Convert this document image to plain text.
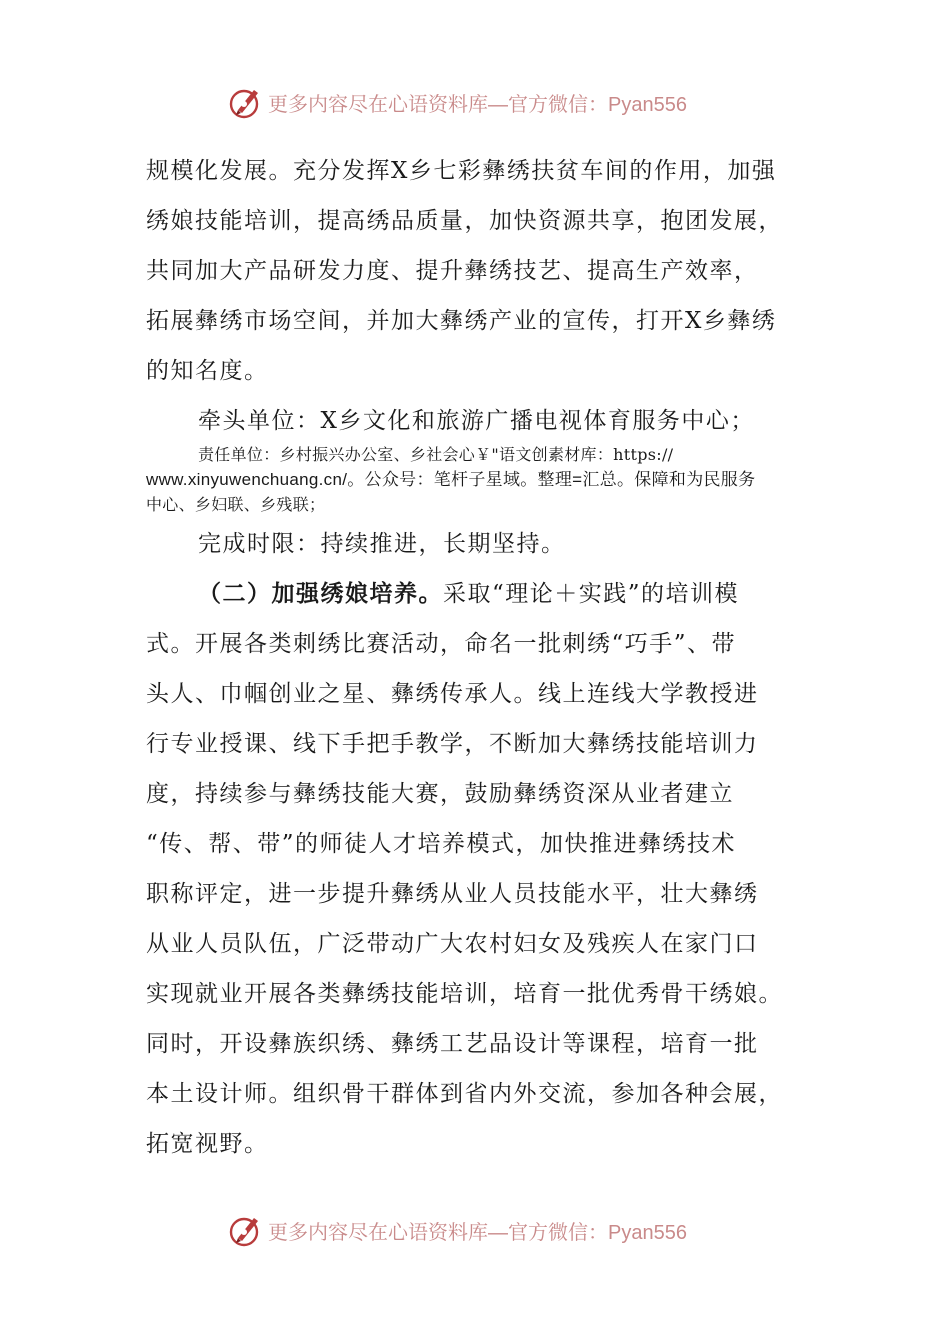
更多内容尽在心语资料库 —官方微信：Pyan556
规模化发展。充分发挥X乡七彩彝绣扶贫车间的作用，加强
绣娘技能培训，提高绣品质量，加快资源共享，抱团发展，
共同加大产品研发力度、提升彝绣技艺、提高生产效率，
拓展彝绣市场空间，并加大彝绣产业的宣传，打开X乡彝绣
的知名度。
牵头单位：X乡文化和旅游广播电视体育服务中心；
责任单位：乡村振兴办公室、乡社会心￥"语文创素材库：https://
www.xinyuwenchuang.cn/。公众号：笔杆子星域。整理=汇总。保障和为民服务
中心、乡妇联、乡残联；
完成时限：持续推进，长期坚持。
（二）加强绣娘培养。采取“理论＋实践”的培训模
式。开展各类刺绣比赛活动，命名一批刺绣“巧手”、带
头人、巾帼创业之星、彝绣传承人。线上连线大学教授进
行专业授课、线下手把手教学，不断加大彝绣技能培训力
度，持续参与彝绣技能大赛，鼓励彝绣资深从业者建立
“传、帮、带”的师徒人才培养模式，加快推进彝绣技术
职称评定，进一步提升彝绣从业人员技能水平，壮大彝绣
从业人员队伍，广泛带动广大农村妇女及残疾人在家门口
实现就业开展各类彝绣技能培训，培育一批优秀骨干绣娘。
同时，开设彝族织绣、彝绣工艺品设计等课程，培育一批
本土设计师。组织骨干群体到省内外交流，参加各种会展，
拓宽视野。
更多内容尽在心语资料库 —官方微信：Pyan556
